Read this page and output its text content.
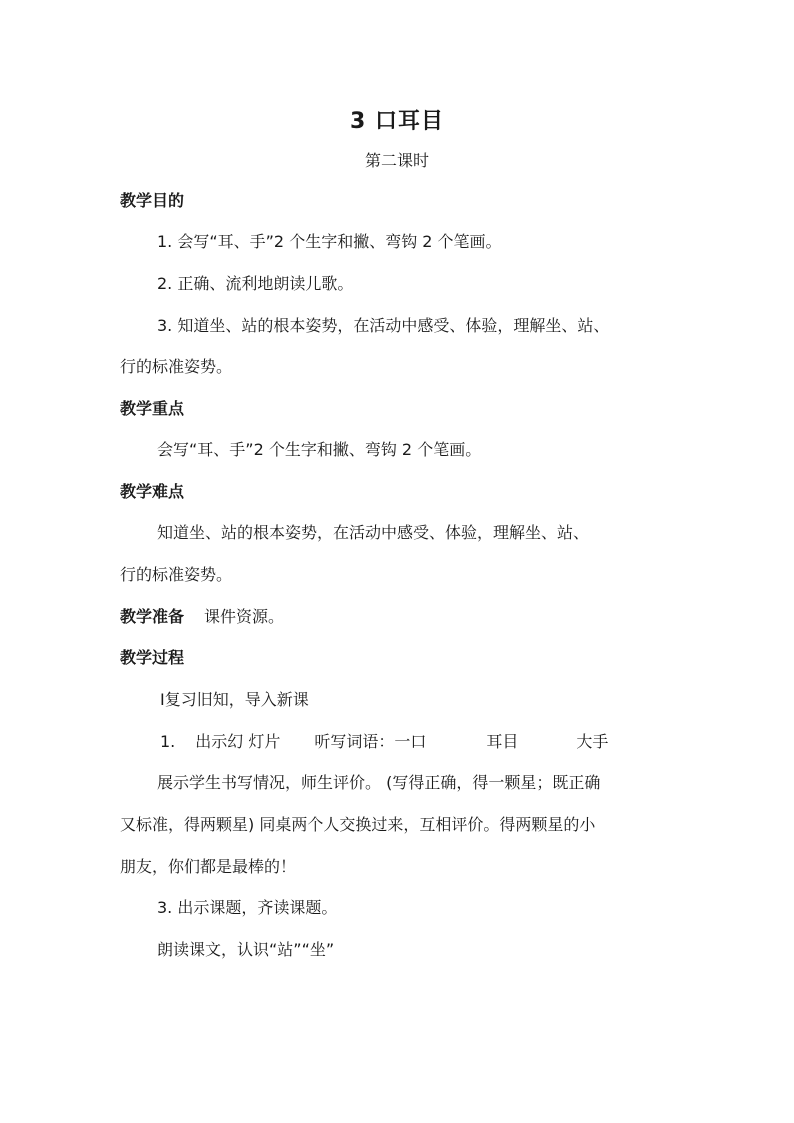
3 口耳目
第二课时
教学目的
1. 会写“耳、手”2 个生字和撇、弯钩 2 个笔画。
2. 正确、流利地朗读儿歌。
3. 知道坐、站的根本姿势，在活动中感受、体验，理解坐、站、
行的标准姿势。
教学重点
会写“耳、手”2 个生字和撇、弯钩 2 个笔画。
教学难点
知道坐、站的根本姿势，在活动中感受、体验，理解坐、站、
行的标准姿势。
教学准备 课件资源。
教学过程
Ⅰ复习旧知，导入新课
1. 出示幻 灯片 听写词语：一口	耳目	大手
展示学生书写情况，师生评价。 (写得正确，得一颗星；既正确
又标准，得两颗星) 同桌两个人交换过来，互相评价。得两颗星的小
朋友，你们都是最棒的！
3. 出示课题，齐读课题。
朗读课文，认识“站”“坐”
